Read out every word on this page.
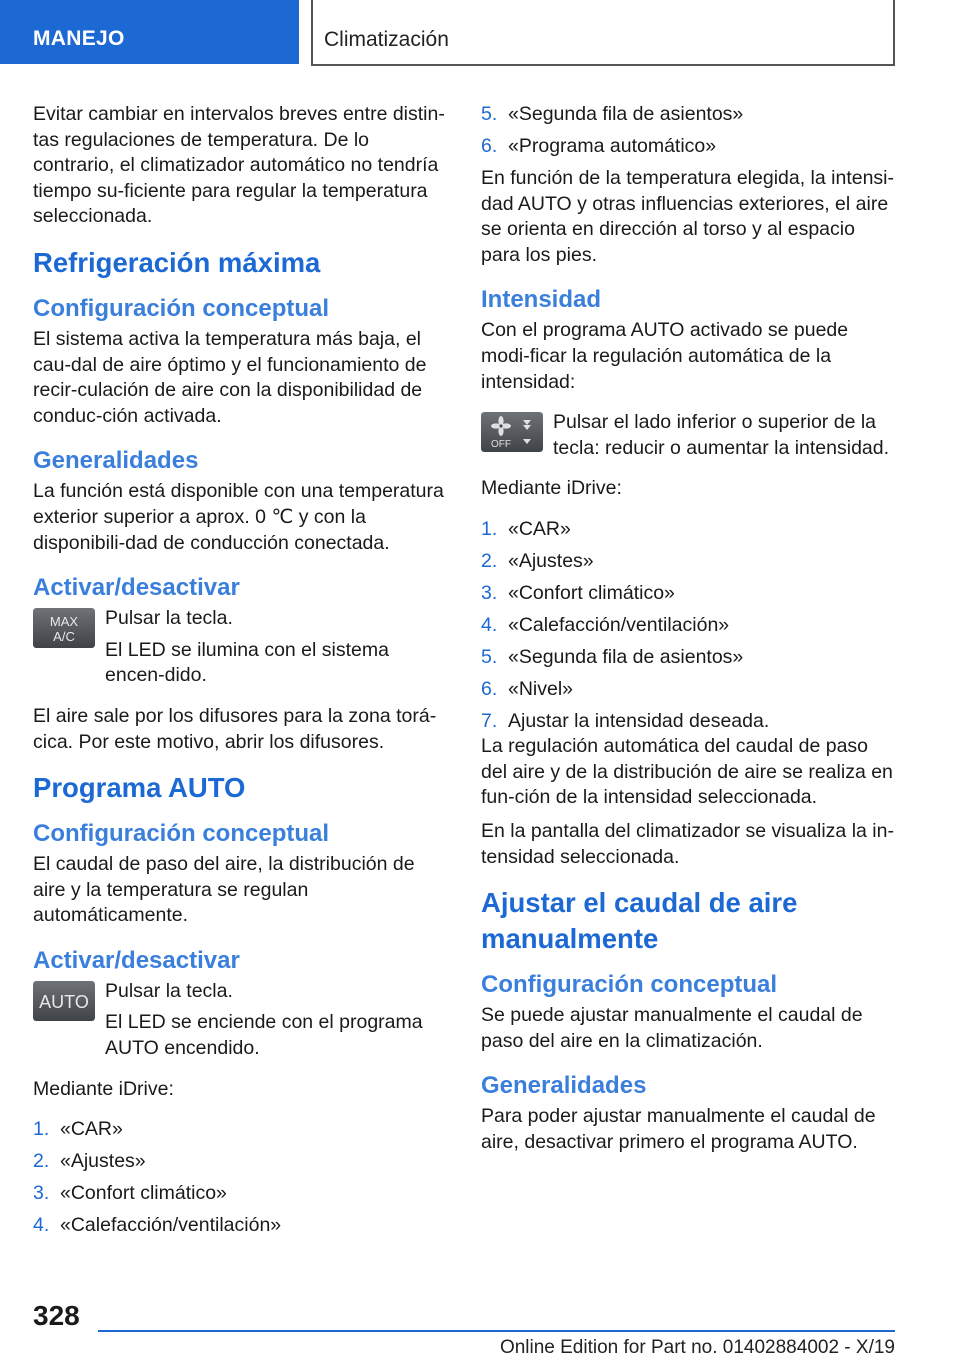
MANEJO	Climatización

Evitar cambiar en intervalos breves entre distin-tas regulaciones de temperatura. De lo contrario, el climatizador automático no tendría tiempo su-ficiente para regular la temperatura seleccionada.

Refrigeración máxima
Configuración conceptual

El sistema activa la temperatura más baja, el cau-dal de aire óptimo y el funcionamiento de recir-culación de aire con la disponibilidad de conduc-ción activada.

Generalidades

La función está disponible con una temperatura exterior superior a aprox. 0 ℃ y con la disponibili-dad de conducción conectada.

Activar/desactivar
MAX
A/C

Pulsar la tecla.

El LED se ilumina con el sistema encen-dido.

El aire sale por los difusores para la zona torá-cica. Por este motivo, abrir los difusores.

Programa AUTO
Configuración conceptual

El caudal de paso del aire, la distribución de aire y la temperatura se regulan automáticamente.

Activar/desactivar
AUTO Pulsar la tecla.

El LED se enciende con el programa AUTO encendido.

Mediante iDrive:

1. «CAR»
2. «Ajustes»
3. «Confort climático»
4. «Calefacción/ventilación»
5. «Segunda fila de asientos»
6. «Programa automático»

En función de la temperatura elegida, la intensi-dad AUTO y otras influencias exteriores, el aire se orienta en dirección al torso y al espacio para los pies.

Intensidad

Con el programa AUTO activado se puede modi-ficar la regulación automática de la intensidad:

OFF

Pulsar el lado inferior o superior de la tecla: reducir o aumentar la intensidad.

Mediante iDrive:

1. «CAR»
2. «Ajustes»
3. «Confort climático»
4. «Calefacción/ventilación»
5. «Segunda fila de asientos»
6. «Nivel»
7. Ajustar la intensidad deseada.

La regulación automática del caudal de paso del aire y de la distribución de aire se realiza en fun-ción de la intensidad seleccionada.

En la pantalla del climatizador se visualiza la in-tensidad seleccionada.

Ajustar el caudal de aire manualmente
Configuración conceptual

Se puede ajustar manualmente el caudal de paso del aire en la climatización.

Generalidades

Para poder ajustar manualmente el caudal de aire, desactivar primero el programa AUTO.

328
Online Edition for Part no. 01402884002 - X/19
